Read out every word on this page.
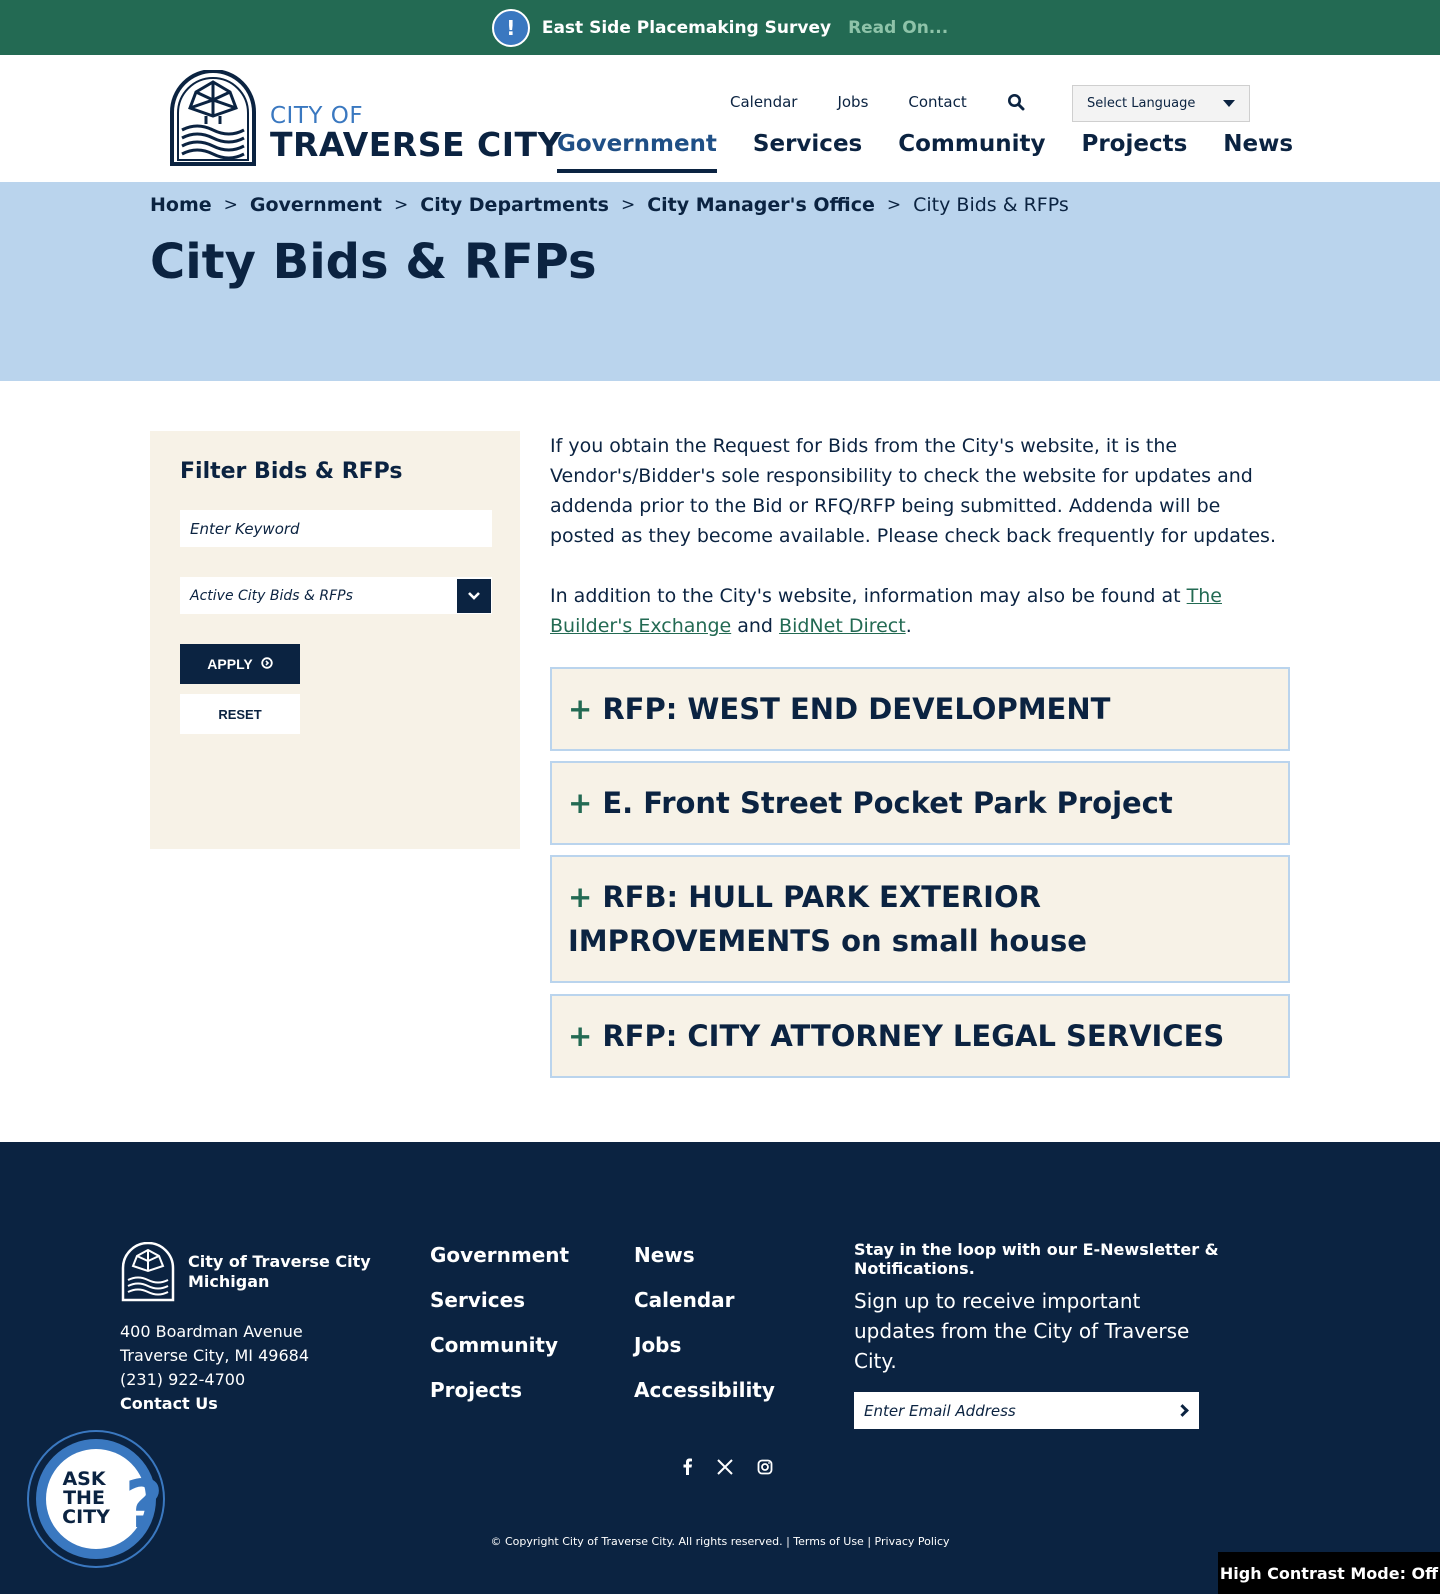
!	East Side Placemaking Survey Read On...
CITY OF
TRAVERSE CITY
Calendar	Jobs	Contact	Select Language
Government Services Community Projects News
Home > Government > City Departments > City Manager's Office > City Bids & RFPs
City Bids & RFPs
Filter Bids & RFPs
Enter Keyword
Active City Bids & RFPs
APPLY
RESET

If you obtain the Request for Bids from the City's website, it is the Vendor's/Bidder's sole responsibility to check the website for updates and addenda prior to the Bid or RFQ/RFP being submitted. Addenda will be posted as they become available. Please check back frequently for updates.

In addition to the City's website, information may also be found at The Builder's Exchange and BidNet Direct.

+ RFP: WEST END DEVELOPMENT
+ E. Front Street Pocket Park Project
+ RFB: HULL PARK EXTERIOR IMPROVEMENTS on small house
+ RFP: CITY ATTORNEY LEGAL SERVICES
City of Traverse City
Michigan
400 Boardman Avenue
Traverse City, MI 49684
(231) 922-4700
Contact Us
Government
Services
Community
Projects
News
Calendar
Jobs
Accessibility
Stay in the loop with our E-Newsletter & Notifications.

Sign up to receive important updates from the City of Traverse City.

Enter Email Address
© Copyright City of Traverse City. All rights reserved. | Terms of Use | Privacy Policy
?
ASK
THE
CITY
High Contrast Mode: Off
